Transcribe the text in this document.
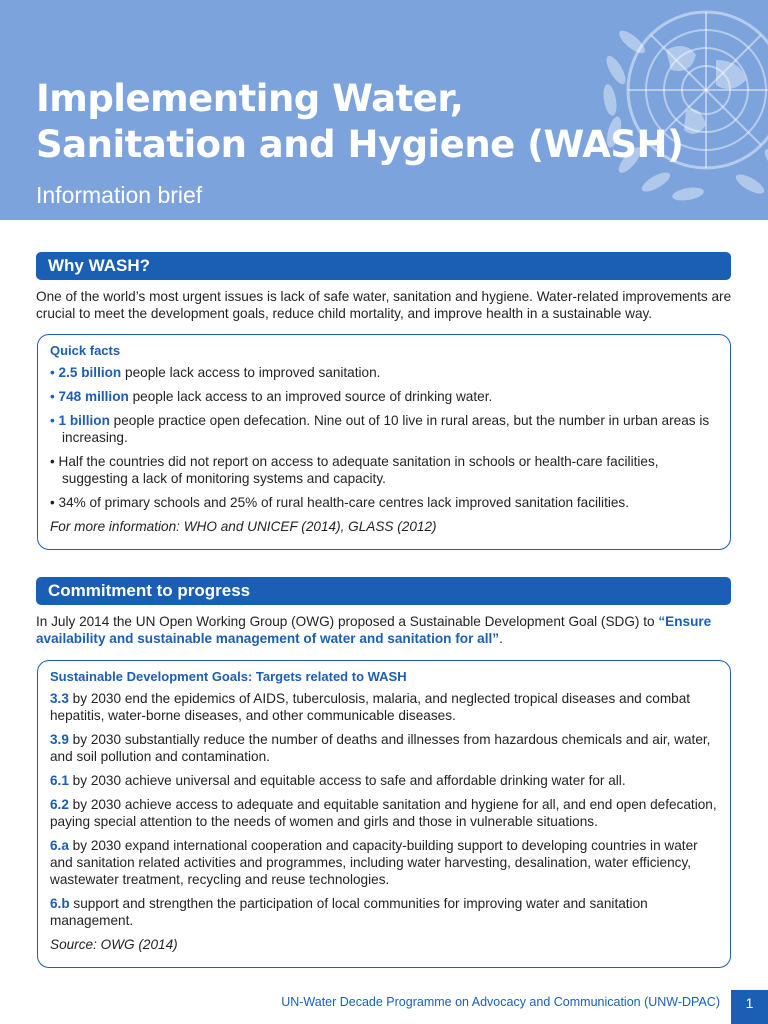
Implementing Water,
Sanitation and Hygiene (WASH)
Information brief
Why WASH?
One of the world’s most urgent issues is lack of safe water, sanitation and hygiene. Water-related improvements are crucial to meet the development goals, reduce child mortality, and improve health in a sustainable way.
Quick facts
• 2.5 billion people lack access to improved sanitation.
• 748 million people lack access to an improved source of drinking water.
• 1 billion people practice open defecation. Nine out of 10 live in rural areas, but the number in urban areas is increasing.
• Half the countries did not report on access to adequate sanitation in schools or health-care facilities, suggesting a lack of monitoring systems and capacity.
• 34% of primary schools and 25% of rural health-care centres lack improved sanitation facilities.
For more information: WHO and UNICEF (2014), GLASS (2012)
Commitment to progress
In July 2014 the UN Open Working Group (OWG) proposed a Sustainable Development Goal (SDG) to “Ensure availability and sustainable management of water and sanitation for all”.
Sustainable Development Goals: Targets related to WASH
3.3 by 2030 end the epidemics of AIDS, tuberculosis, malaria, and neglected tropical diseases and combat hepatitis, water-borne diseases, and other communicable diseases.
3.9 by 2030 substantially reduce the number of deaths and illnesses from hazardous chemicals and air, water, and soil pollution and contamination.
6.1 by 2030 achieve universal and equitable access to safe and affordable drinking water for all.
6.2 by 2030 achieve access to adequate and equitable sanitation and hygiene for all, and end open defecation, paying special attention to the needs of women and girls and those in vulnerable situations.
6.a by 2030 expand international cooperation and capacity-building support to developing countries in water and sanitation related activities and programmes, including water harvesting, desalination, water efficiency, wastewater treatment, recycling and reuse technologies.
6.b support and strengthen the participation of local communities for improving water and sanitation management.
Source: OWG (2014)
UN-Water Decade Programme on Advocacy and Communication (UNW-DPAC)	1
